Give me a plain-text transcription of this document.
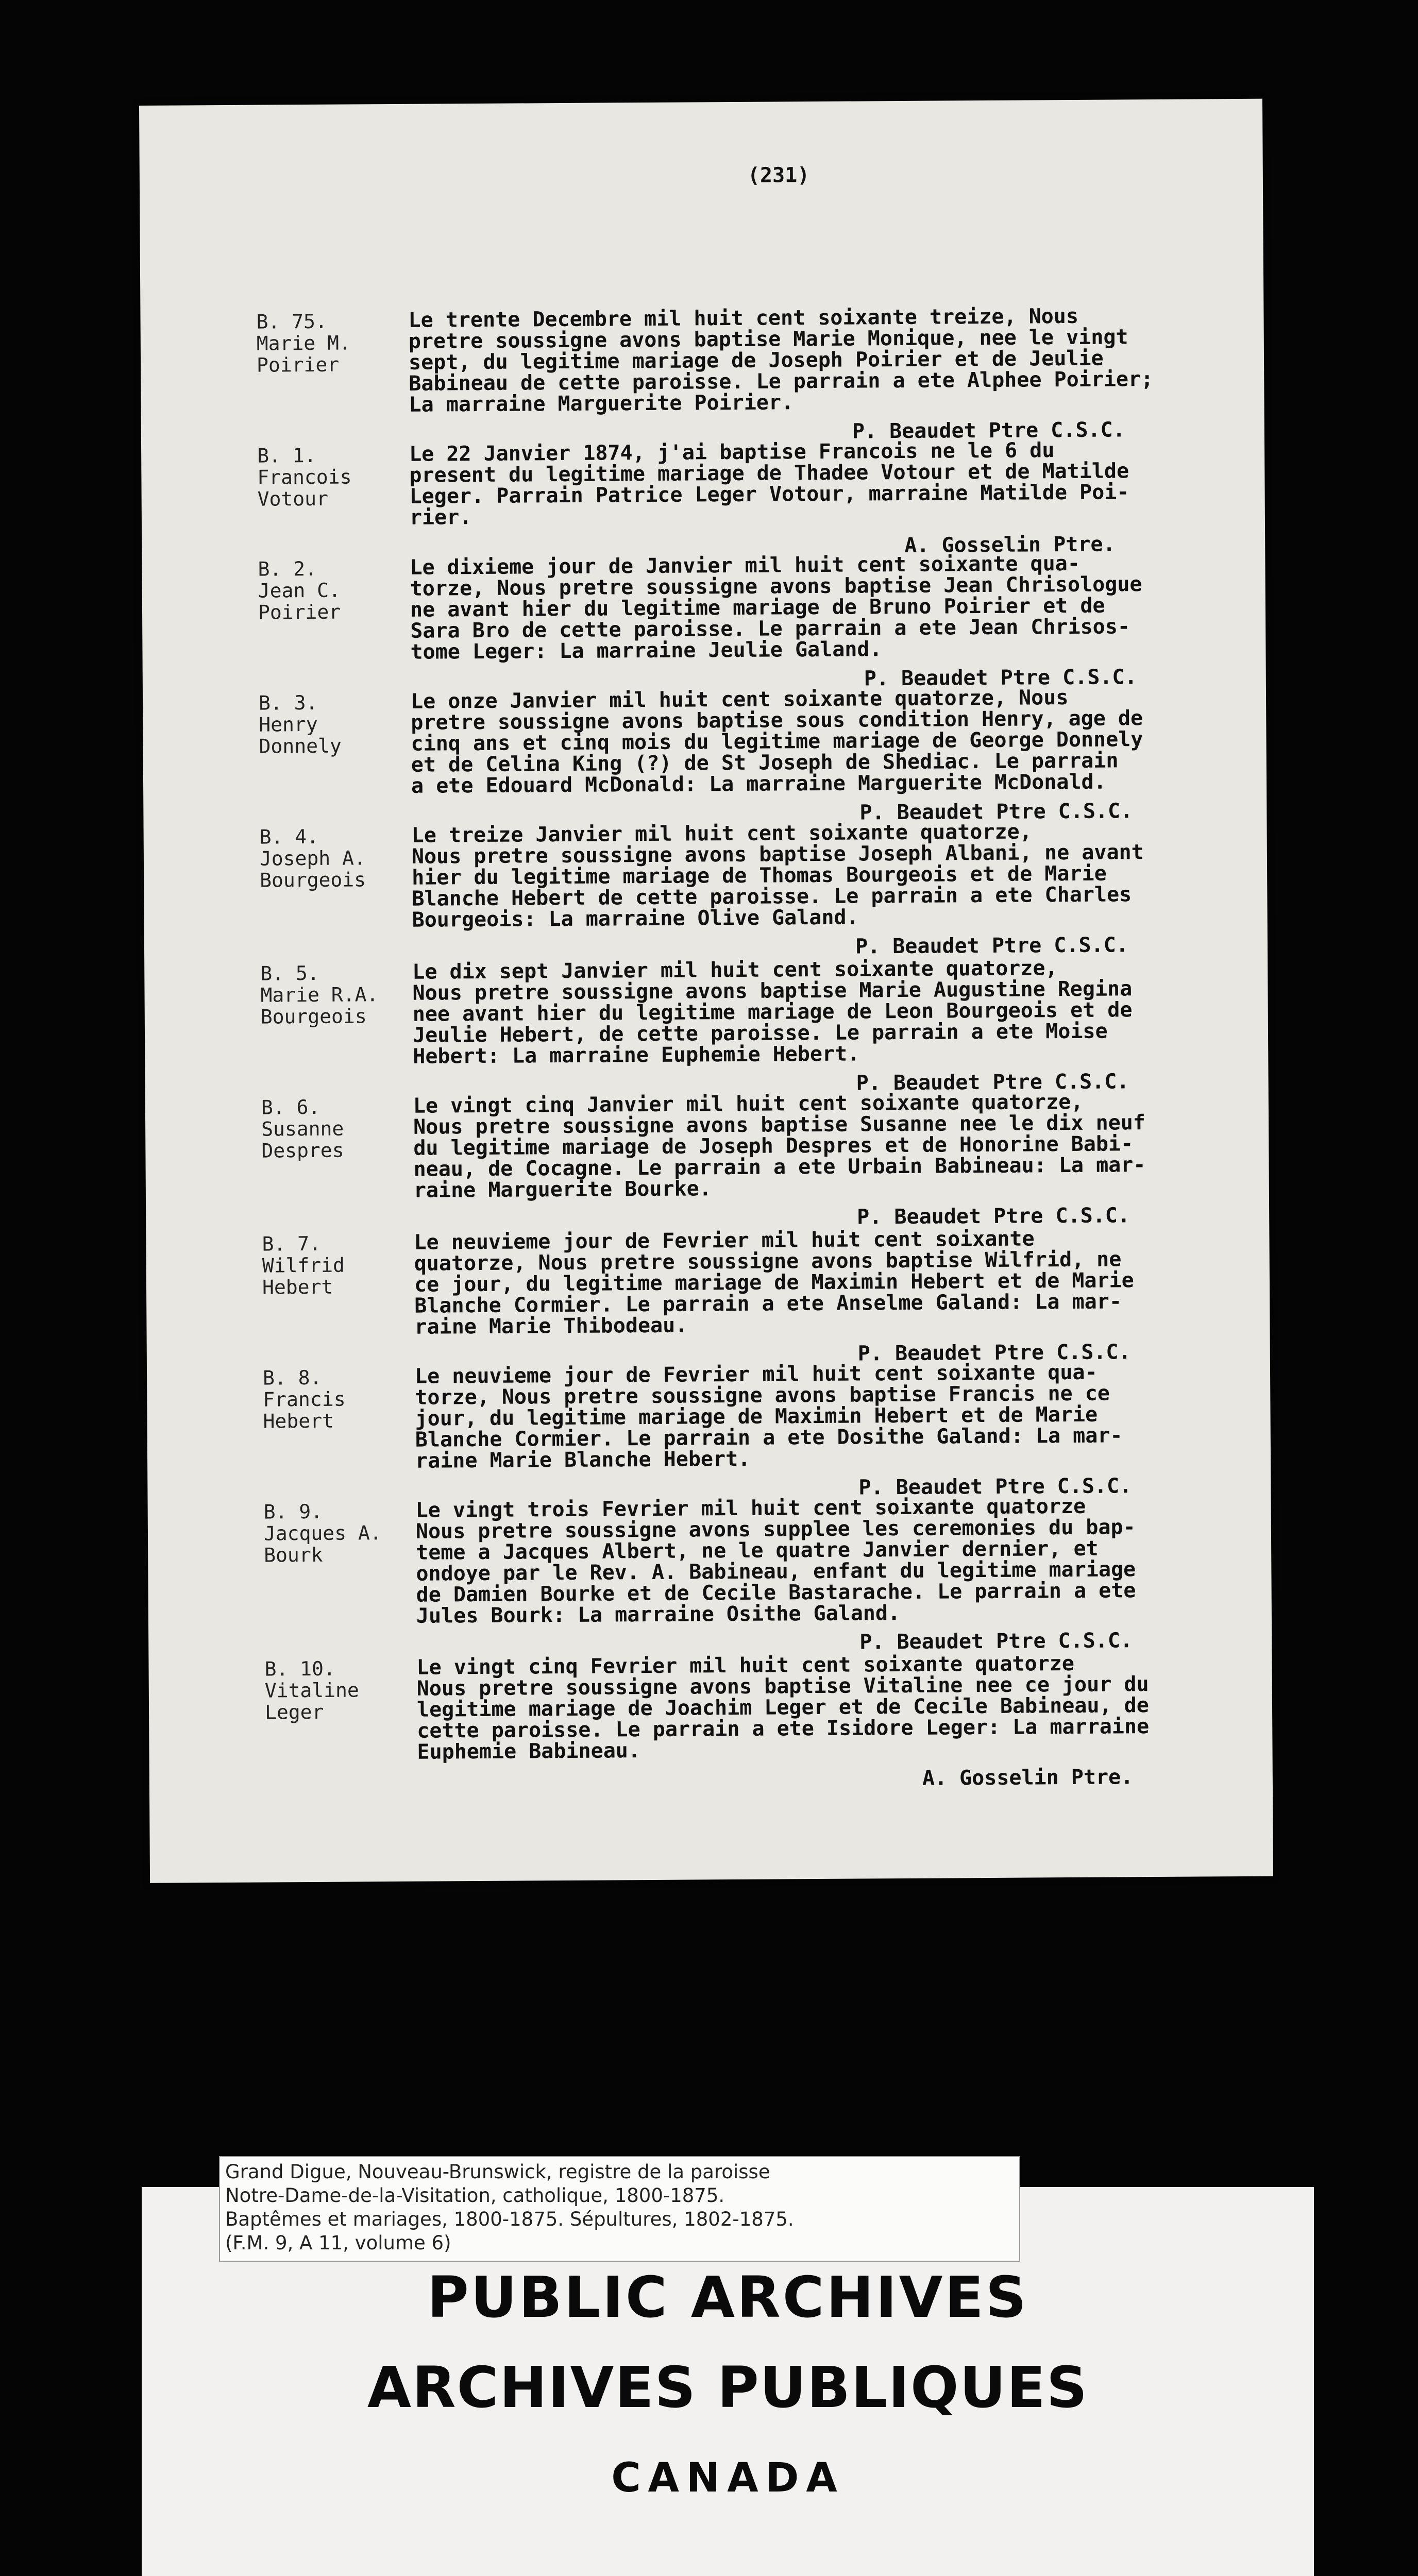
(231)
B. 75.
Marie M.
Poirier
Le trente Decembre mil huit cent soixante treize, Nous
pretre soussigne avons baptise Marie Monique, nee le vingt
sept, du legitime mariage de Joseph Poirier et de Jeulie
Babineau de cette paroisse. Le parrain a ete Alphee Poirier;
La marraine Marguerite Poirier.
P. Beaudet Ptre C.S.C.
B. 1.
Francois
Votour
Le 22 Janvier 1874, j'ai baptise Francois ne le 6 du
present du legitime mariage de Thadee Votour et de Matilde
Leger. Parrain Patrice Leger Votour, marraine Matilde Poi-
rier.
A. Gosselin Ptre.
B. 2.
Jean C.
Poirier
Le dixieme jour de Janvier mil huit cent soixante qua-
torze, Nous pretre soussigne avons baptise Jean Chrisologue
ne avant hier du legitime mariage de Bruno Poirier et de
Sara Bro de cette paroisse. Le parrain a ete Jean Chrisos-
tome Leger: La marraine Jeulie Galand.
P. Beaudet Ptre C.S.C.
B. 3.
Henry
Donnely
Le onze Janvier mil huit cent soixante quatorze, Nous
pretre soussigne avons baptise sous condition Henry, age de
cinq ans et cinq mois du legitime mariage de George Donnely
et de Celina King (?) de St Joseph de Shediac. Le parrain
a ete Edouard McDonald: La marraine Marguerite McDonald.
P. Beaudet Ptre C.S.C.
B. 4.
Joseph A.
Bourgeois
Le treize Janvier mil huit cent soixante quatorze,
Nous pretre soussigne avons baptise Joseph Albani, ne avant
hier du legitime mariage de Thomas Bourgeois et de Marie
Blanche Hebert de cette paroisse. Le parrain a ete Charles
Bourgeois: La marraine Olive Galand.
P. Beaudet Ptre C.S.C.
B. 5.
Marie R.A.
Bourgeois
Le dix sept Janvier mil huit cent soixante quatorze,
Nous pretre soussigne avons baptise Marie Augustine Regina
nee avant hier du legitime mariage de Leon Bourgeois et de
Jeulie Hebert, de cette paroisse. Le parrain a ete Moise
Hebert: La marraine Euphemie Hebert.
P. Beaudet Ptre C.S.C.
B. 6.
Susanne
Despres
Le vingt cinq Janvier mil huit cent soixante quatorze,
Nous pretre soussigne avons baptise Susanne nee le dix neuf
du legitime mariage de Joseph Despres et de Honorine Babi-
neau, de Cocagne. Le parrain a ete Urbain Babineau: La mar-
raine Marguerite Bourke.
P. Beaudet Ptre C.S.C.
B. 7.
Wilfrid
Hebert
Le neuvieme jour de Fevrier mil huit cent soixante
quatorze, Nous pretre soussigne avons baptise Wilfrid, ne
ce jour, du legitime mariage de Maximin Hebert et de Marie
Blanche Cormier. Le parrain a ete Anselme Galand: La mar-
raine Marie Thibodeau.
P. Beaudet Ptre C.S.C.
B. 8.
Francis
Hebert
Le neuvieme jour de Fevrier mil huit cent soixante qua-
torze, Nous pretre soussigne avons baptise Francis ne ce
jour, du legitime mariage de Maximin Hebert et de Marie
Blanche Cormier. Le parrain a ete Dosithe Galand: La mar-
raine Marie Blanche Hebert.
P. Beaudet Ptre C.S.C.
B. 9.
Jacques A.
Bourk
Le vingt trois Fevrier mil huit cent soixante quatorze
Nous pretre soussigne avons supplee les ceremonies du bap-
teme a Jacques Albert, ne le quatre Janvier dernier, et
ondoye par le Rev. A. Babineau, enfant du legitime mariage
de Damien Bourke et de Cecile Bastarache. Le parrain a ete
Jules Bourk: La marraine Osithe Galand.
P. Beaudet Ptre C.S.C.
B. 10.
Vitaline
Leger
Le vingt cinq Fevrier mil huit cent soixante quatorze
Nous pretre soussigne avons baptise Vitaline nee ce jour du
legitime mariage de Joachim Leger et de Cecile Babineau, de
cette paroisse. Le parrain a ete Isidore Leger: La marraine
Euphemie Babineau.
A. Gosselin Ptre.
Grand Digue, Nouveau-Brunswick, registre de la paroisse
Notre-Dame-de-la-Visitation, catholique, 1800-1875.
Baptêmes et mariages, 1800-1875. Sépultures, 1802-1875.
(F.M. 9, A 11, volume 6)
PUBLIC ARCHIVES
ARCHIVES PUBLIQUES
CANADA
